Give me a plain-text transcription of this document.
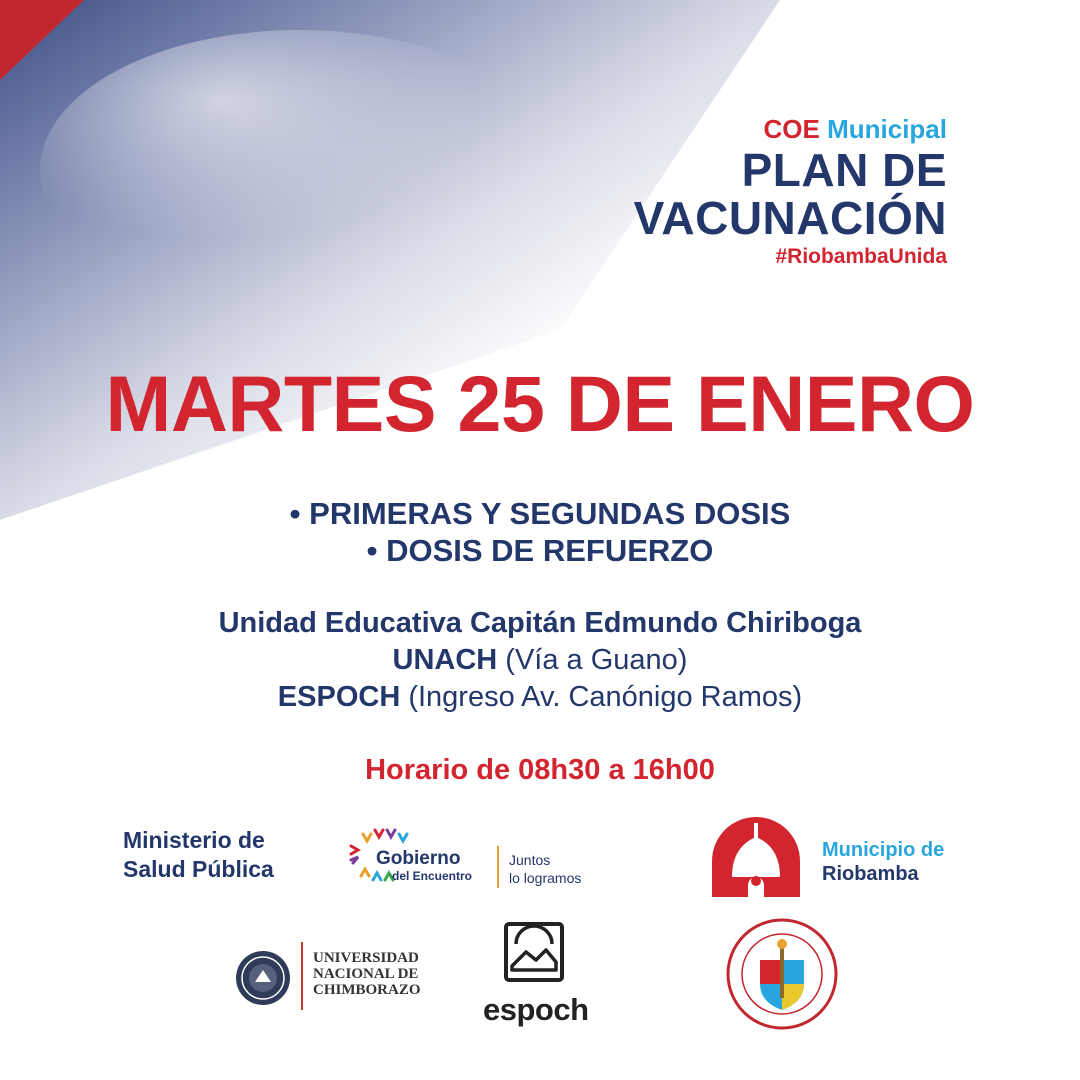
COE Municipal
PLAN DE
VACUNACIÓN
#RiobambaUnida
MARTES 25 DE ENERO
• PRIMERAS Y SEGUNDAS DOSIS
• DOSIS DE REFUERZO
Unidad Educativa Capitán Edmundo Chiriboga
UNACH (Vía a Guano)
ESPOCH (Ingreso Av. Canónigo Ramos)
Horario de 08h30 a 16h00
Ministerio de
Salud Pública	Gobierno
del Encuentro
Juntos
lo logramos
Municipio de
Riobamba
UNIVERSIDAD
NACIONAL DE
CHIMBORAZO
espoch
